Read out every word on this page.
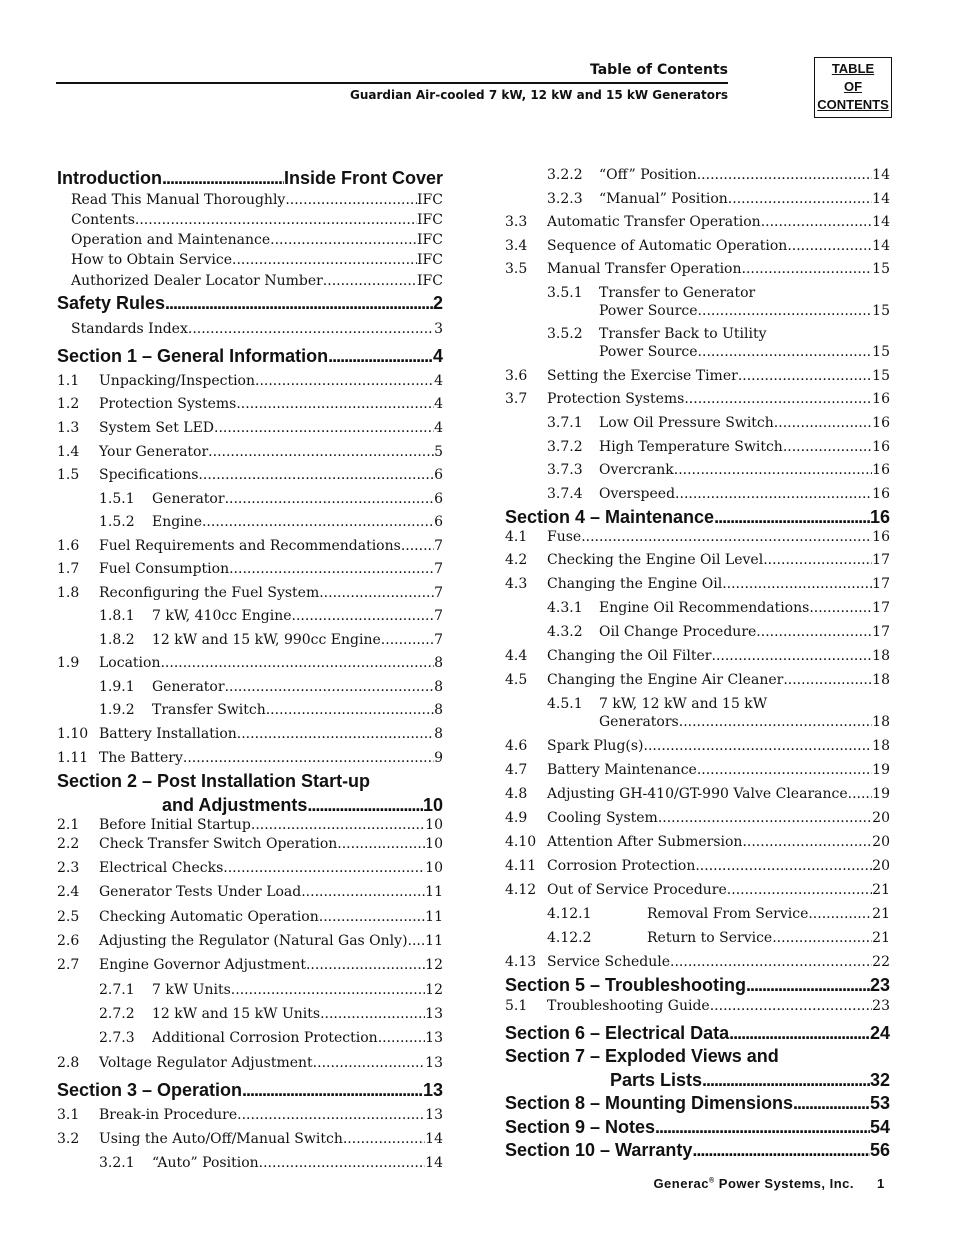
Table of Contents
Guardian Air-cooled 7 kW, 12 kW and 15 kW Generators
TABLE
OF
CONTENTS
Introduction .....	Inside Front Cover
Read This Manual Thoroughly .....	IFC
Contents .....	IFC
Operation and Maintenance .....	IFC
How to Obtain Service .....	IFC
Authorized Dealer Locator Number .....	IFC
Safety Rules .....	2
Standards Index .....	3
Section 1 – General Information .....	4
1.1 Unpacking/Inspection .....	4
1.2 Protection Systems .....	4
1.3 System Set LED .....	4
1.4 Your Generator .....	5
1.5 Specifications .....	6
1.5.1 Generator .....	6
1.5.2 Engine .....	6
1.6 Fuel Requirements and Recommendations ..... 7
1.7 Fuel Consumption .....	7
1.8 Reconfiguring the Fuel System .....	7
1.8.1 7 kW, 410cc Engine .....	7
1.8.2 12 kW and 15 kW, 990cc Engine .....	7
1.9 Location .....	8
1.9.1 Generator .....	8
1.9.2 Transfer Switch .....	8
1.10 Battery Installation .....	8
1.11 The Battery .....	9
Section 2 – Post Installation Start-up
and Adjustments .....	10
2.1 Before Initial Startup .....	10
2.2 Check Transfer Switch Operation .....	10
2.3 Electrical Checks .....	10
2.4 Generator Tests Under Load .....	11
2.5 Checking Automatic Operation .....	11
2.6 Adjusting the Regulator (Natural Gas Only) ..... 11
2.7 Engine Governor Adjustment .....	12
2.7.1 7 kW Units .....	12
2.7.2 12 kW and 15 kW Units .....	13
2.7.3 Additional Corrosion Protection .....	13
2.8 Voltage Regulator Adjustment .....	13
Section 3 – Operation .....	13
3.1 Break-in Procedure .....	13
3.2 Using the Auto/Off/Manual Switch .....	14
3.2.1 “Auto” Position .....	14
3.2.2 “Off” Position .....	14
3.2.3 “Manual” Position .....	14
3.3 Automatic Transfer Operation .....	14
3.4 Sequence of Automatic Operation .....	14
3.5 Manual Transfer Operation .....	15
3.5.1 Transfer to Generator
Power Source .....	15
3.5.2 Transfer Back to Utility
Power Source .....	15
3.6 Setting the Exercise Timer .....	15
3.7 Protection Systems .....	16
3.7.1 Low Oil Pressure Switch .....	16
3.7.2 High Temperature Switch .....	16
3.7.3 Overcrank .....	16
3.7.4 Overspeed .....	16
Section 4 – Maintenance .....	16
4.1 Fuse .....	16
4.2 Checking the Engine Oil Level .....	17
4.3 Changing the Engine Oil .....	17
4.3.1 Engine Oil Recommendations .....	17
4.3.2 Oil Change Procedure .....	17
4.4 Changing the Oil Filter .....	18
4.5 Changing the Engine Air Cleaner .....	18
4.5.1 7 kW, 12 kW and 15 kW
Generators .....	18
4.6 Spark Plug(s) .....	18
4.7 Battery Maintenance .....	19
4.8 Adjusting GH-410/GT-990 Valve Clearance ..... 19
4.9 Cooling System .....	20
4.10 Attention After Submersion .....	20
4.11 Corrosion Protection .....	20
4.12 Out of Service Procedure .....	21
4.12.1	Removal From Service .....	21
4.12.2	Return to Service .....	21
4.13 Service Schedule .....	22
Section 5 – Troubleshooting .....	23
5.1 Troubleshooting Guide .....	23
Section 6 – Electrical Data .....	24
Section 7 – Exploded Views and
Parts Lists .....	32
Section 8 – Mounting Dimensions .....	53
Section 9 – Notes .....	54
Section 10 – Warranty .....	56
Generac® Power Systems, Inc. 1
